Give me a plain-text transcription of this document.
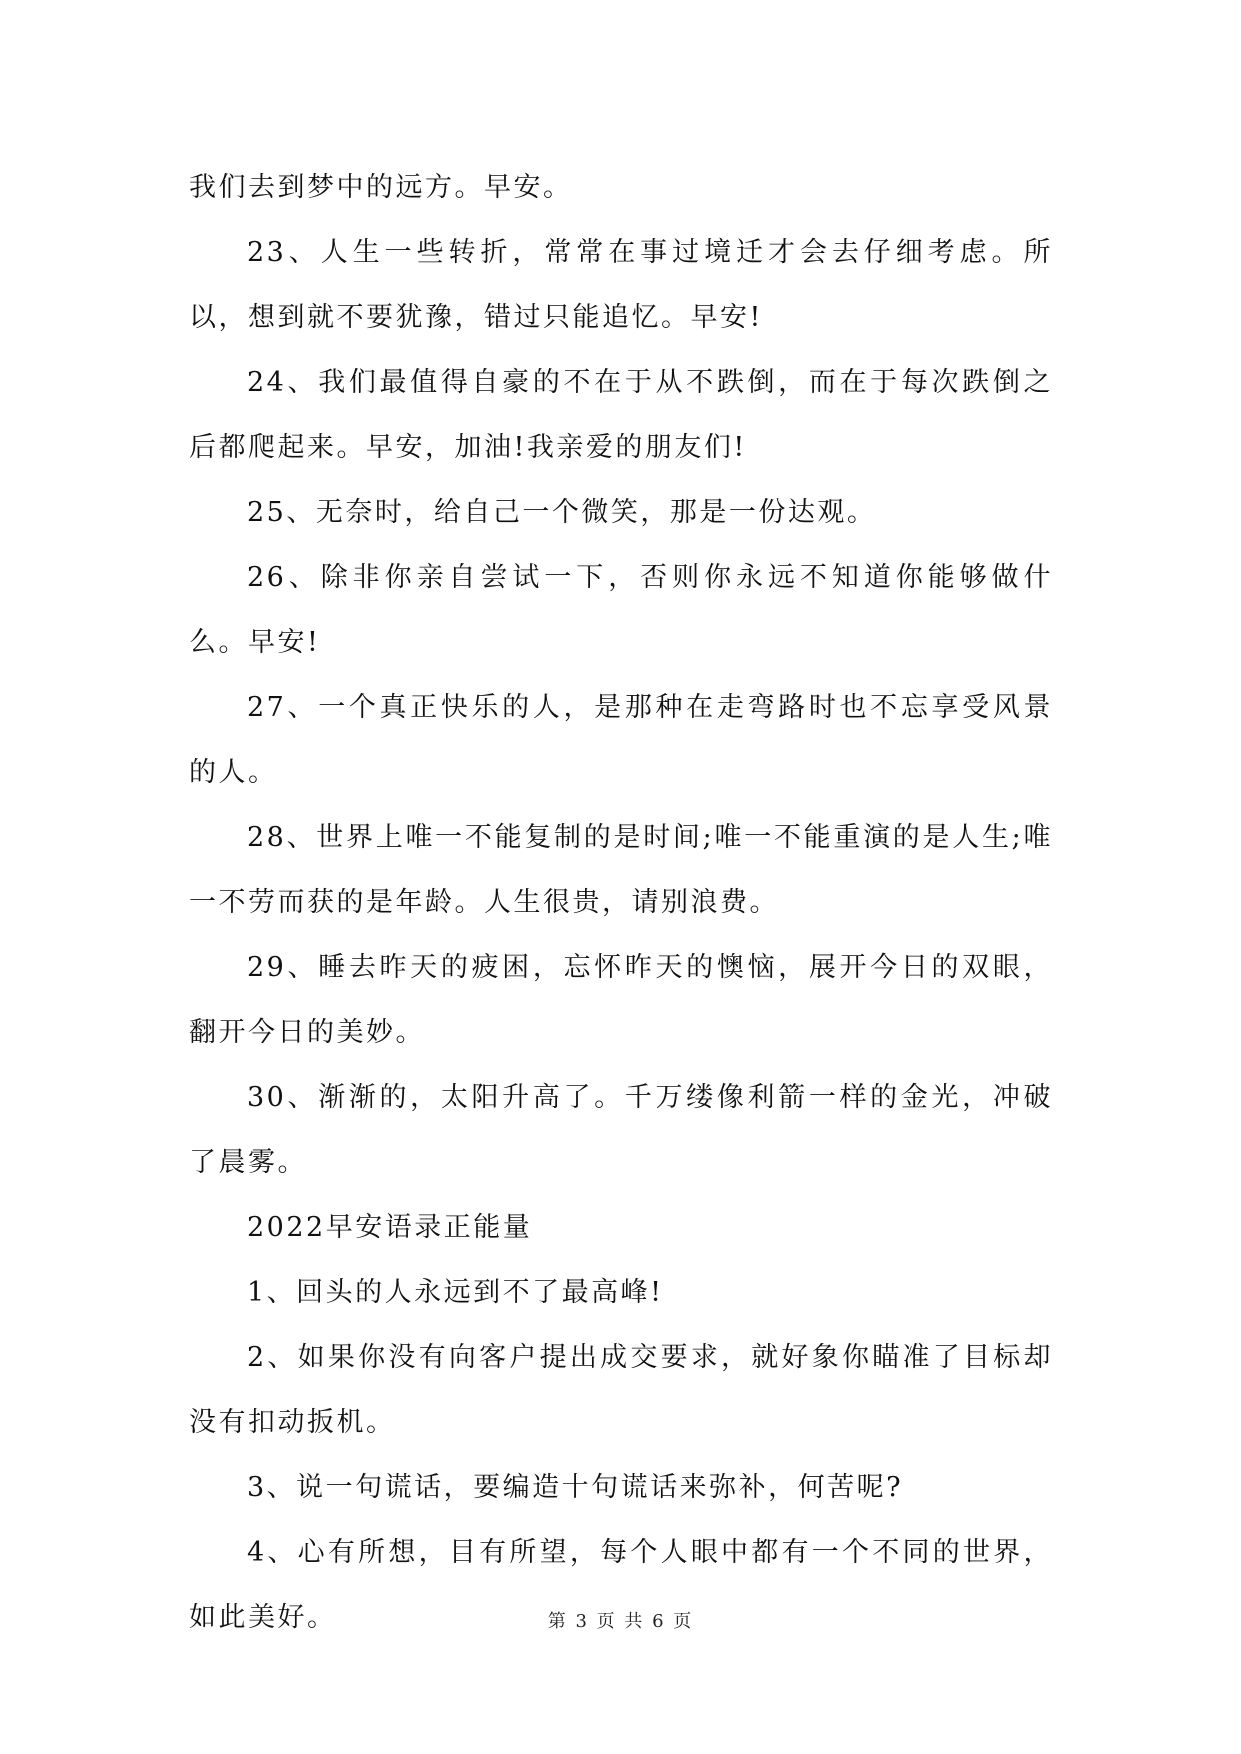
我们去到梦中的远方。早安。

23、人生一些转折，常常在事过境迁才会去仔细考虑。所以，想到就不要犹豫，错过只能追忆。早安!

24、我们最值得自豪的不在于从不跌倒，而在于每次跌倒之后都爬起来。早安，加油!我亲爱的朋友们!

25、无奈时，给自己一个微笑，那是一份达观。

26、除非你亲自尝试一下，否则你永远不知道你能够做什么。早安!

27、一个真正快乐的人，是那种在走弯路时也不忘享受风景的人。

28、世界上唯一不能复制的是时间;唯一不能重演的是人生;唯一不劳而获的是年龄。人生很贵，请别浪费。

29、睡去昨天的疲困，忘怀昨天的懊恼，展开今日的双眼，翻开今日的美妙。

30、渐渐的，太阳升高了。千万缕像利箭一样的金光，冲破了晨雾。

2022早安语录正能量

1、回头的人永远到不了最高峰!

2、如果你没有向客户提出成交要求，就好象你瞄准了目标却没有扣动扳机。

3、说一句谎话，要编造十句谎话来弥补，何苦呢?

4、心有所想，目有所望，每个人眼中都有一个不同的世界，如此美好。	第 3 页 共 6 页
